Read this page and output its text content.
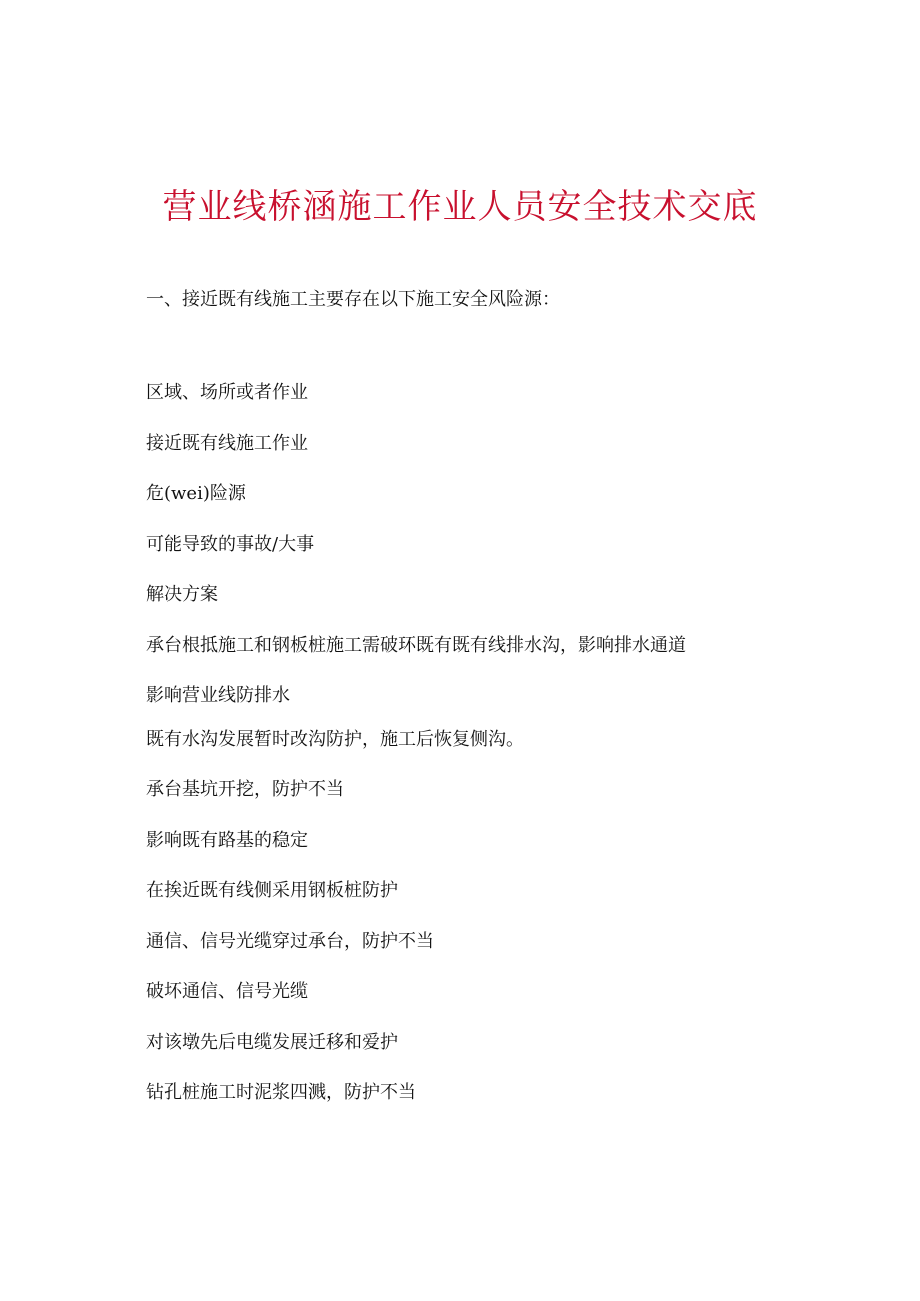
营业线桥涵施工作业人员安全技术交底

一、接近既有线施工主要存在以下施工安全风险源：

区域、场所或者作业
接近既有线施工作业
危(wei)险源
可能导致的事故/大事
解决方案
承台根抵施工和钢板桩施工需破环既有既有线排水沟，影响排水通道
影响营业线防排水
既有水沟发展暂时改沟防护，施工后恢复侧沟。
承台基坑开挖，防护不当
影响既有路基的稳定
在挨近既有线侧采用钢板桩防护
通信、信号光缆穿过承台，防护不当
破坏通信、信号光缆
对该墩先后电缆发展迁移和爱护
钻孔桩施工时泥浆四溅，防护不当
